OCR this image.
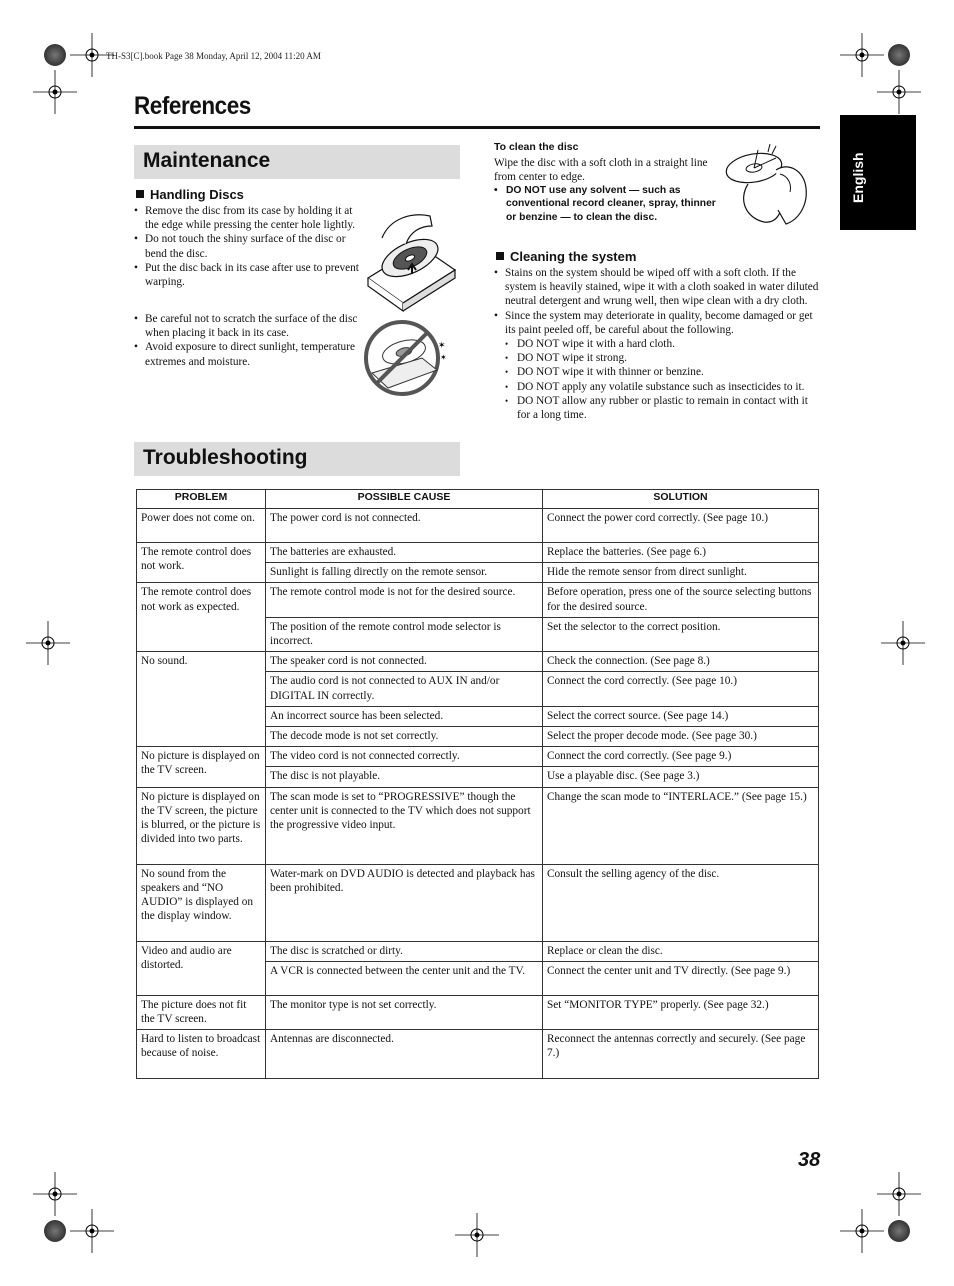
TH-S3[C].book Page 38 Monday, April 12, 2004 11:20 AM
References
English
Maintenance
Handling Discs
• Remove the disc from its case by holding it at the edge while pressing the center hole lightly.
• Do not touch the shiny surface of the disc or bend the disc.
• Put the disc back in its case after use to prevent warping.
• Be careful not to scratch the surface of the disc when placing it back in its case.
• Avoid exposure to direct sunlight, temperature extremes and moisture.
✶
✶
To clean the disc
Wipe the disc with a soft cloth in a straight line from center to edge.
• DO NOT use any solvent — such as conventional record cleaner, spray, thinner or benzine — to clean the disc.
Cleaning the system
• Stains on the system should be wiped off with a soft cloth. If the system is heavily stained, wipe it with a cloth soaked in water diluted neutral detergent and wrung well, then wipe clean with a dry cloth.
• Since the system may deteriorate in quality, become damaged or get its paint peeled off, be careful about the following.
• DO NOT wipe it with a hard cloth.
• DO NOT wipe it strong.
• DO NOT wipe it with thinner or benzine.
• DO NOT apply any volatile substance such as insecticides to it.
• DO NOT allow any rubber or plastic to remain in contact with it for a long time.
Troubleshooting
PROBLEM	POSSIBLE CAUSE	SOLUTION
Power does not come on.	The power cord is not connected.	Connect the power cord correctly. (See page 10.)
The remote control does not work.	The batteries are exhausted.	Replace the batteries. (See page 6.)
	Sunlight is falling directly on the remote sensor.	Hide the remote sensor from direct sunlight.
The remote control does not work as expected.	The remote control mode is not for the desired source.	Before operation, press one of the source selecting buttons for the desired source.
	The position of the remote control mode selector is incorrect.	Set the selector to the correct position.
No sound.	The speaker cord is not connected.	Check the connection. (See page 8.)
	The audio cord is not connected to AUX IN and/or DIGITAL IN correctly.	Connect the cord correctly. (See page 10.)
	An incorrect source has been selected.	Select the correct source. (See page 14.)
	The decode mode is not set correctly.	Select the proper decode mode. (See page 30.)
No picture is displayed on the TV screen.	The video cord is not connected correctly.	Connect the cord correctly. (See page 9.)
	The disc is not playable.	Use a playable disc. (See page 3.)
No picture is displayed on the TV screen, the picture is blurred, or the picture is divided into two parts.	The scan mode is set to “PROGRESSIVE” though the center unit is connected to the TV which does not support the progressive video input.	Change the scan mode to “INTERLACE.” (See page 15.)
No sound from the speakers and “NO AUDIO” is displayed on the display window.	Water-mark on DVD AUDIO is detected and playback has been prohibited.	Consult the selling agency of the disc.
Video and audio are distorted.	The disc is scratched or dirty.	Replace or clean the disc.
	A VCR is connected between the center unit and the TV.	Connect the center unit and TV directly. (See page 9.)
The picture does not fit the TV screen.	The monitor type is not set correctly.	Set “MONITOR TYPE” properly. (See page 32.)
Hard to listen to broadcast because of noise.	Antennas are disconnected.	Reconnect the antennas correctly and securely. (See page 7.)
38
